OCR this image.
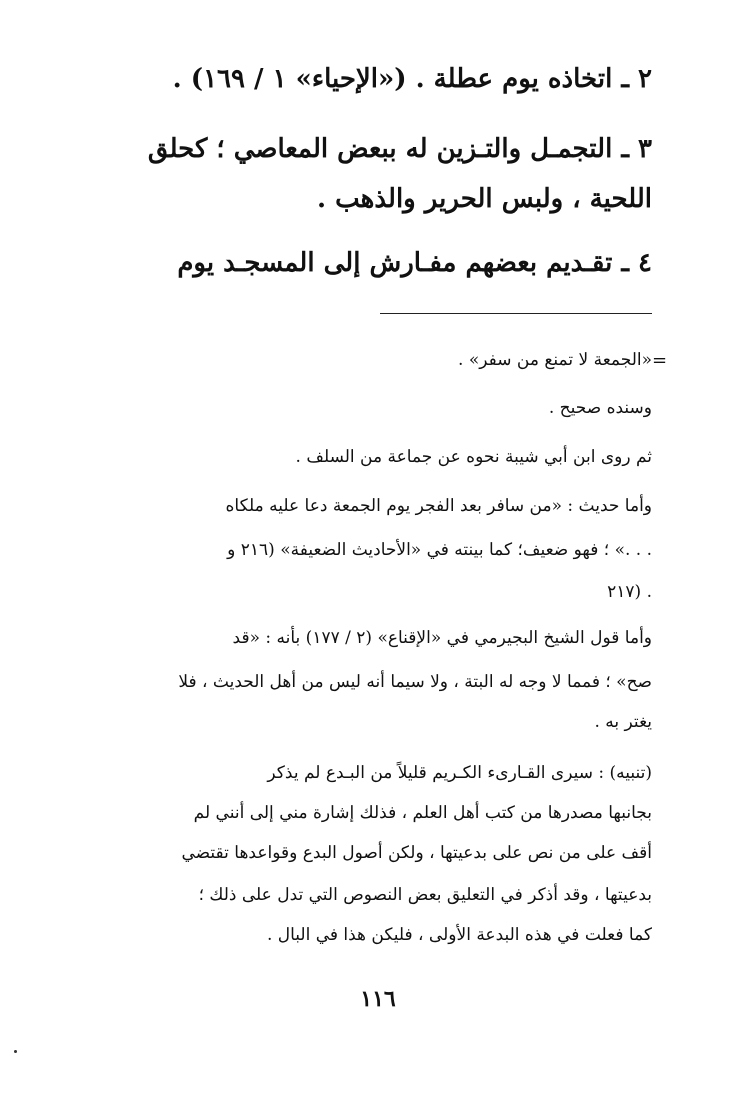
٢ ـ اتخاذه يوم عطلة . («الإحياء» ١ / ١٦٩) .
٣ ـ التجمـل والتـزين له ببعض المعاصي ؛ كحلق
اللحية ، ولبس الحرير والذهب .
٤ ـ تقـديم بعضهم مفـارش إلى المسجـد يوم
=
«الجمعة لا تمنع من سفر» .
وسنده صحيح .
ثم روى ابن أبي شيبة نحوه عن جماعة من السلف .
وأما حديث : «من سافر بعد الفجر يوم الجمعة دعا عليه ملكاه
. . .» ؛ فهو ضعيف؛ كما بينته في «الأحاديث الضعيفة» (٢١٦ و
٢١٧) .
وأما قول الشيخ البجيرمي في «الإقناع» (٢ / ١٧٧) بأنه : «قد
صح» ؛ فمما لا وجه له البتة ، ولا سيما أنه ليس من أهل الحديث ، فلا
يغتر به .
(تنبيه) : سيرى القـارىء الكـريم قليلاً من البـدع لم يذكر
بجانبها مصدرها من كتب أهل العلم ، فذلك إشارة مني إلى أنني لم
أقف على من نص على بدعيتها ، ولكن أصول البدع وقواعدها تقتضي
بدعيتها ، وقد أذكر في التعليق بعض النصوص التي تدل على ذلك ؛
كما فعلت في هذه البدعة الأولى ، فليكن هذا في البال .
١١٦
